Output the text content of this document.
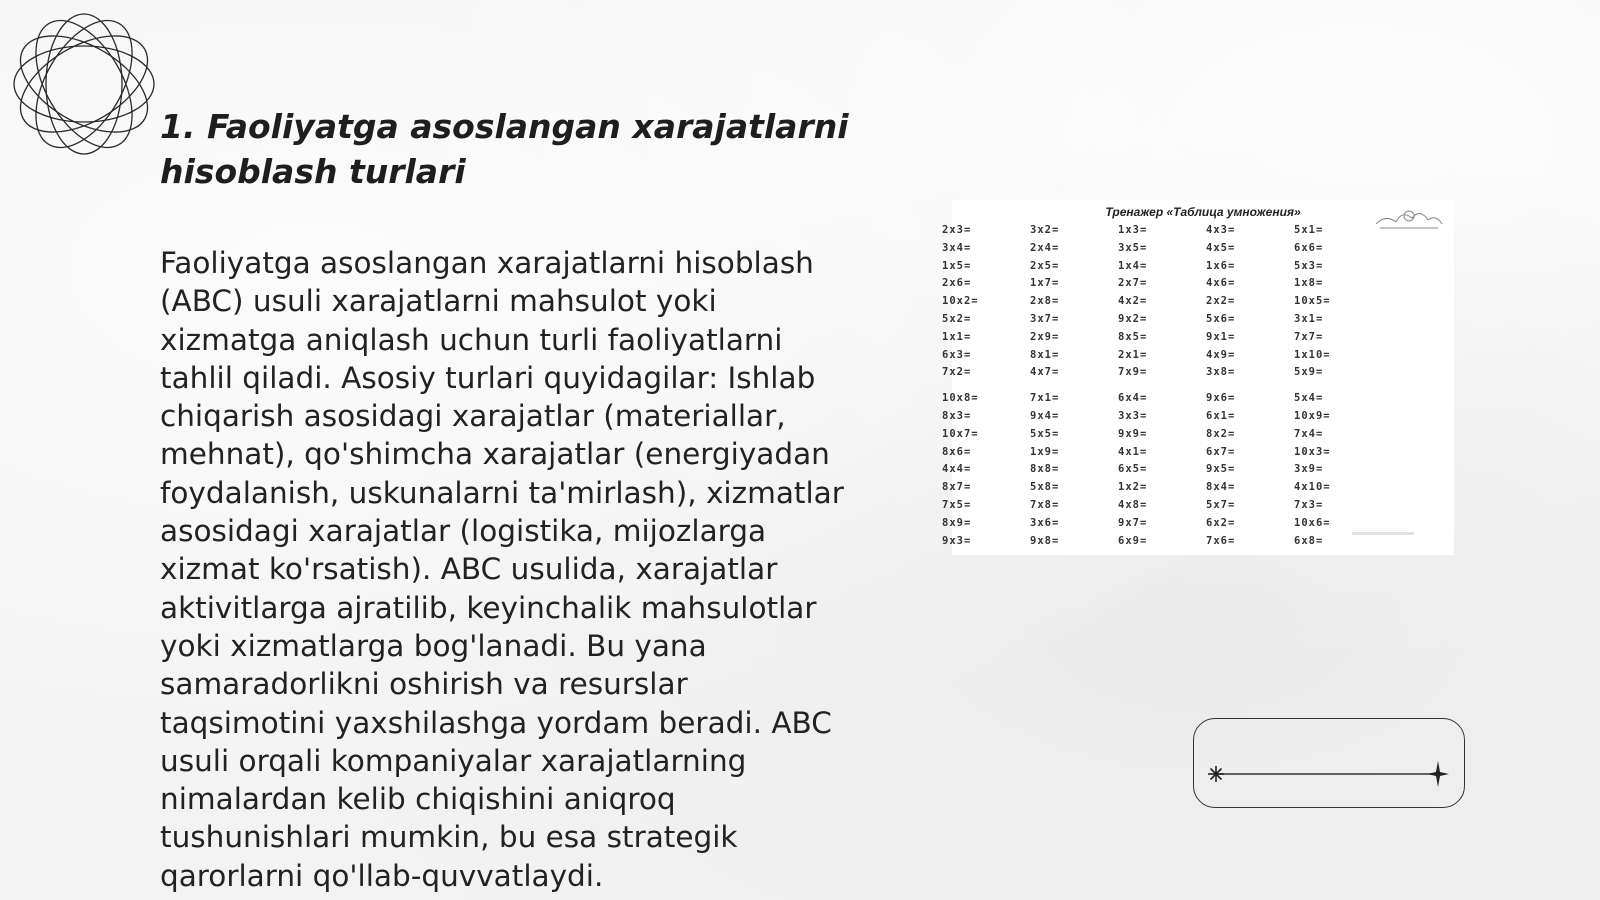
1. Faoliyatga asoslangan xarajatlarni hisoblash turlari

Faoliyatga asoslangan xarajatlarni hisoblash (ABC) usuli xarajatlarni mahsulot yoki xizmatga aniqlash uchun turli faoliyatlarni tahlil qiladi. Asosiy turlari quyidagilar: Ishlab chiqarish asosidagi xarajatlar (materiallar, mehnat), qo'shimcha xarajatlar (energiyadan foydalanish, uskunalarni ta'mirlash), xizmatlar asosidagi xarajatlar (logistika, mijozlarga xizmat ko'rsatish). ABC usulida, xarajatlar aktivitlarga ajratilib, keyinchalik mahsulotlar yoki xizmatlarga bog'lanadi. Bu yana samaradorlikni oshirish va resurslar taqsimotini yaxshilashga yordam beradi. ABC usuli orqali kompaniyalar xarajatlarning nimalardan kelib chiqishini aniqroq tushunishlari mumkin, bu esa strategik qarorlarni qo'llab-quvvatlaydi.

Тренажер «Таблица умножения»
2x3=
3x4=
1x5=
2x6=
10x2=
5x2=
1x1=
6x3=
7x2=
10x8=
8x3=
10x7=
8x6=
4x4=
8x7=
7x5=
8x9=
9x3=
3x2=
2x4=
2x5=
1x7=
2x8=
3x7=
2x9=
8x1=
4x7=
7x1=
9x4=
5x5=
1x9=
8x8=
5x8=
7x8=
3x6=
9x8=
1x3=
3x5=
1x4=
2x7=
4x2=
9x2=
8x5=
2x1=
7x9=
6x4=
3x3=
9x9=
4x1=
6x5=
1x2=
4x8=
9x7=
6x9=
4x3=
4x5=
1x6=
4x6=
2x2=
5x6=
9x1=
4x9=
3x8=
9x6=
6x1=
8x2=
6x7=
9x5=
8x4=
5x7=
6x2=
7x6=
5x1=
6x6=
5x3=
1x8=
10x5=
3x1=
7x7=
1x10=
5x9=
5x4=
10x9=
7x4=
10x3=
3x9=
4x10=
7x3=
10x6=
6x8=
